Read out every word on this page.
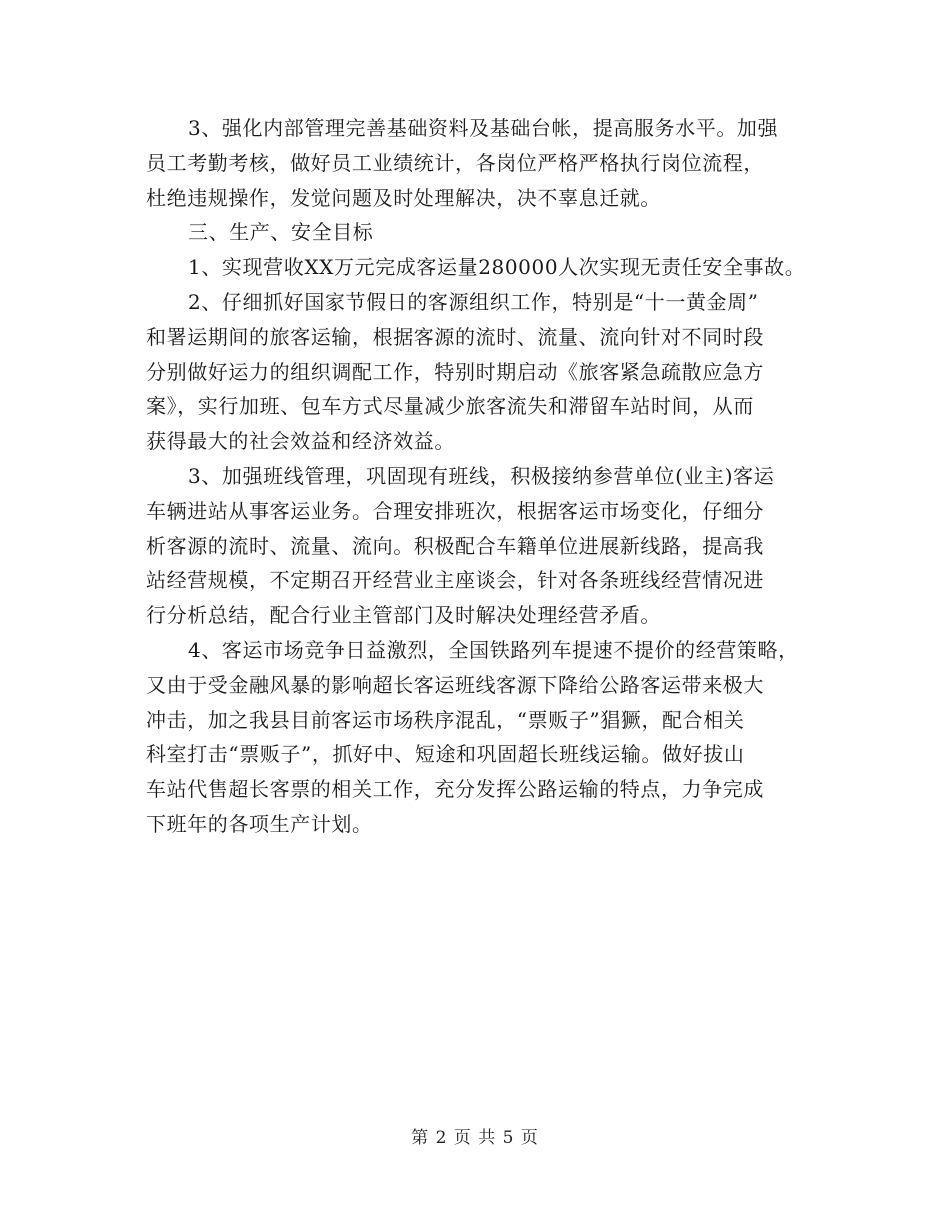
3、强化内部管理完善基础资料及基础台帐，提高服务水平。加强
员工考勤考核，做好员工业绩统计，各岗位严格严格执行岗位流程，
杜绝违规操作，发觉问题及时处理解决，决不辜息迁就。
三、生产、安全目标
1、实现营收XX万元完成客运量280000人次实现无责任安全事故。
2、仔细抓好国家节假日的客源组织工作，特别是“十一黄金周”
和署运期间的旅客运输，根据客源的流时、流量、流向针对不同时段
分别做好运力的组织调配工作，特别时期启动《旅客紧急疏散应急方
案》，实行加班、包车方式尽量减少旅客流失和滞留车站时间，从而
获得最大的社会效益和经济效益。
3、加强班线管理，巩固现有班线，积极接纳参营单位(业主)客运
车辆进站从事客运业务。合理安排班次，根据客运市场变化，仔细分
析客源的流时、流量、流向。积极配合车籍单位进展新线路，提高我
站经营规模，不定期召开经营业主座谈会，针对各条班线经营情况进
行分析总结，配合行业主管部门及时解决处理经营矛盾。
4、客运市场竞争日益激烈，全国铁路列车提速不提价的经营策略，
又由于受金融风暴的影响超长客运班线客源下降给公路客运带来极大
冲击，加之我县目前客运市场秩序混乱，“票贩子”猖獗，配合相关
科室打击“票贩子”，抓好中、短途和巩固超长班线运输。做好拔山
车站代售超长客票的相关工作，充分发挥公路运输的特点，力争完成
下班年的各项生产计划。
第 2 页 共 5 页
